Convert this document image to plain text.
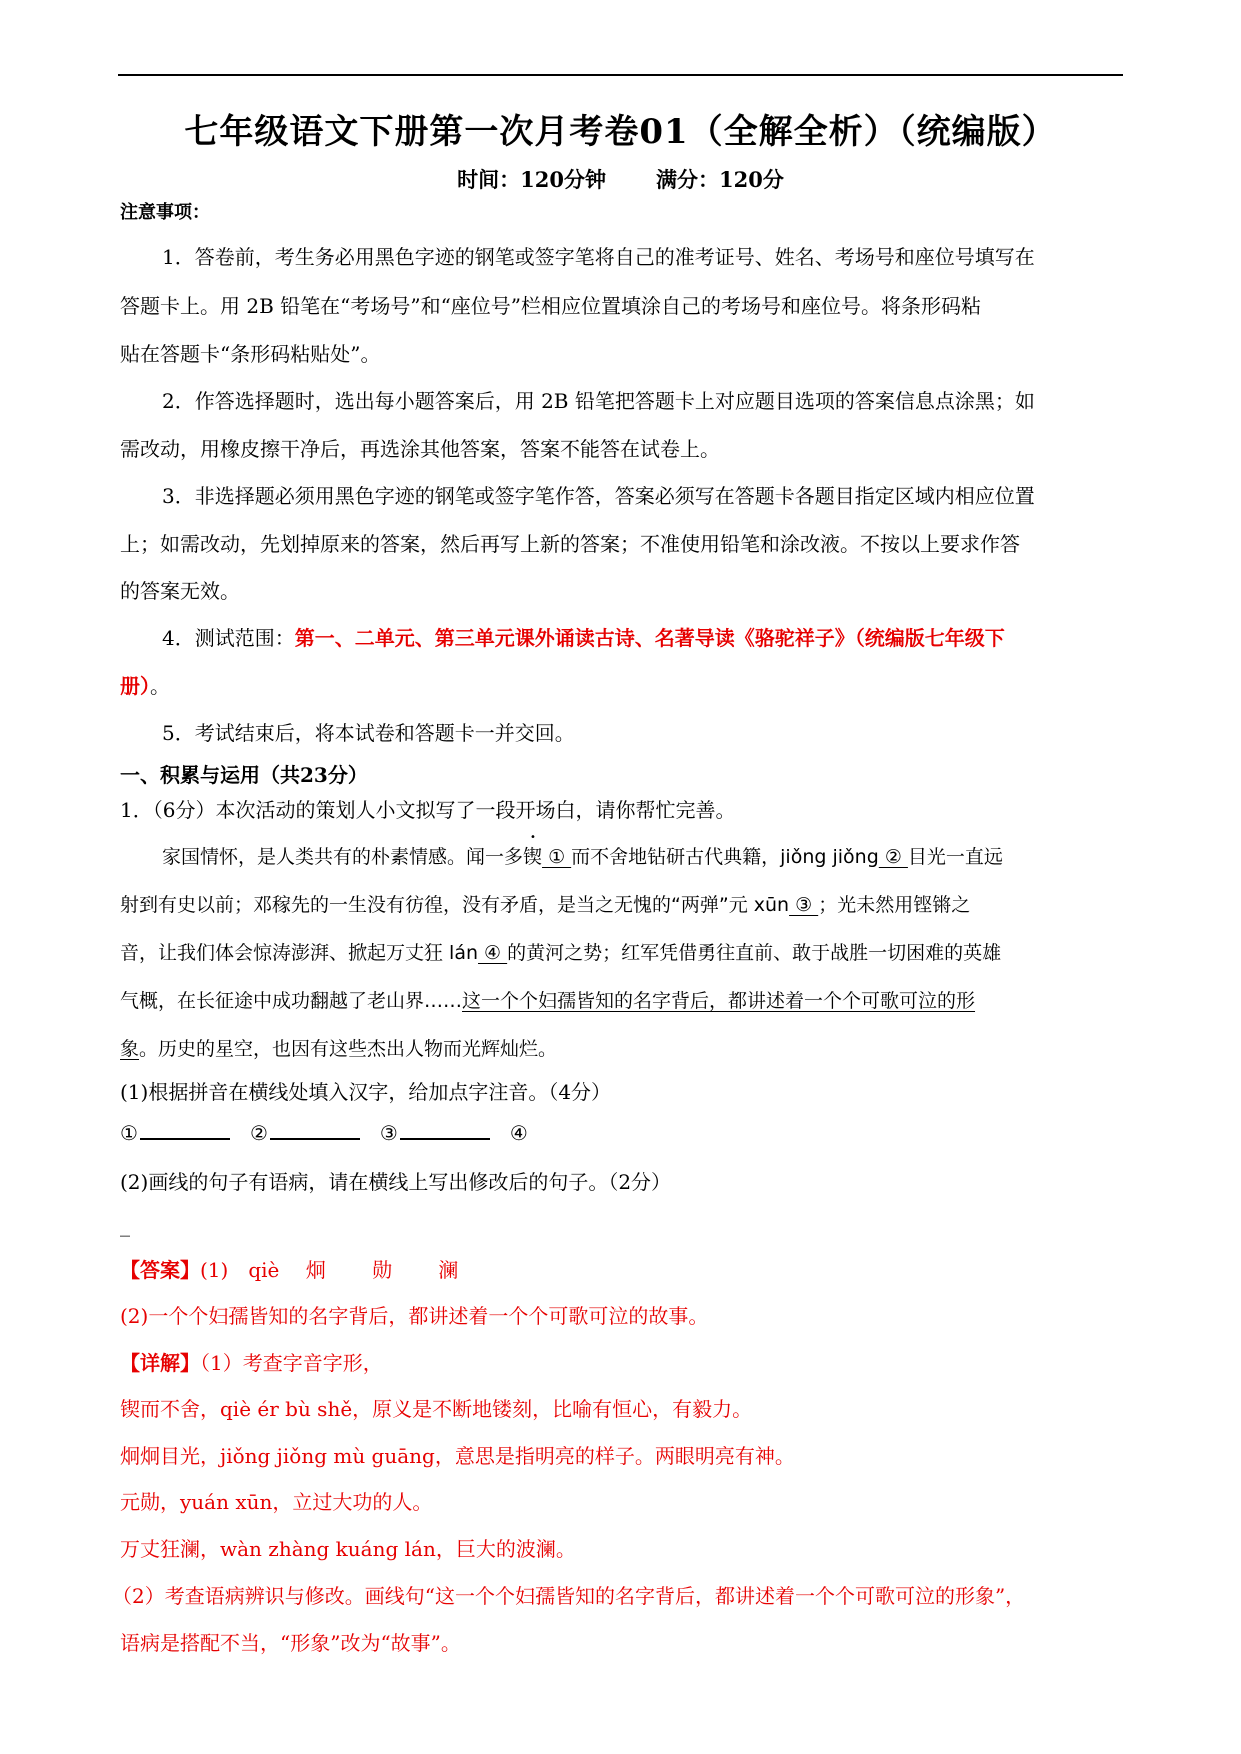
七年级语文下册第一次月考卷01（全解全析）（统编版）
时间：120分钟 满分：120分
注意事项：
1．答卷前，考生务必用黑色字迹的钢笔或签字笔将自己的准考证号、姓名、考场号和座位号填写在
答题卡上。用 2B 铅笔在“考场号”和“座位号”栏相应位置填涂自己的考场号和座位号。将条形码粘
贴在答题卡“条形码粘贴处”。
2．作答选择题时，选出每小题答案后，用 2B 铅笔把答题卡上对应题目选项的答案信息点涂黑；如
需改动，用橡皮擦干净后，再选涂其他答案，答案不能答在试卷上。
3．非选择题必须用黑色字迹的钢笔或签字笔作答，答案必须写在答题卡各题目指定区域内相应位置
上；如需改动，先划掉原来的答案，然后再写上新的答案；不准使用铅笔和涂改液。不按以上要求作答
的答案无效。
4．测试范围：第一、二单元、第三单元课外诵读古诗、名著导读《骆驼祥子》（统编版七年级下
册）。
5．考试结束后，将本试卷和答题卡一并交回。
一、积累与运用（共23分）
1．（6分）本次活动的策划人小文拟写了一段开场白，请你帮忙完善。
家国情怀，是人类共有的朴素情感。闻一多锲 ① 而不舍地钻研古代典籍，jiǒng jiǒng ② 目光一直远
射到有史以前；邓稼先的一生没有彷徨，没有矛盾，是当之无愧的“两弹”元 xūn ③ ；光未然用铿锵之
音，让我们体会惊涛澎湃、掀起万丈狂 lán ④ 的黄河之势；红军凭借勇往直前、敢于战胜一切困难的英雄
气概，在长征途中成功翻越了老山界……这一个个妇孺皆知的名字背后，都讲述着一个个可歌可泣的形
象。历史的星空，也因有这些杰出人物而光辉灿烂。
(1)根据拼音在横线处填入汉字，给加点字注音。（4分）
①	②	③	④
(2)画线的句子有语病，请在横线上写出修改后的句子。（2分）
_
【答案】(1)　qiè　 炯　　 勋　　 澜
(2)一个个妇孺皆知的名字背后，都讲述着一个个可歌可泣的故事。
【详解】（1）考查字音字形，
锲而不舍，qiè ér bù shě，原义是不断地镂刻，比喻有恒心，有毅力。
炯炯目光，jiǒng jiǒng mù guāng，意思是指明亮的样子。两眼明亮有神。
元勋，yuán xūn，立过大功的人。
万丈狂澜，wàn zhàng kuáng lán，巨大的波澜。
（2）考查语病辨识与修改。画线句“这一个个妇孺皆知的名字背后，都讲述着一个个可歌可泣的形象”，
语病是搭配不当，“形象”改为“故事”。
